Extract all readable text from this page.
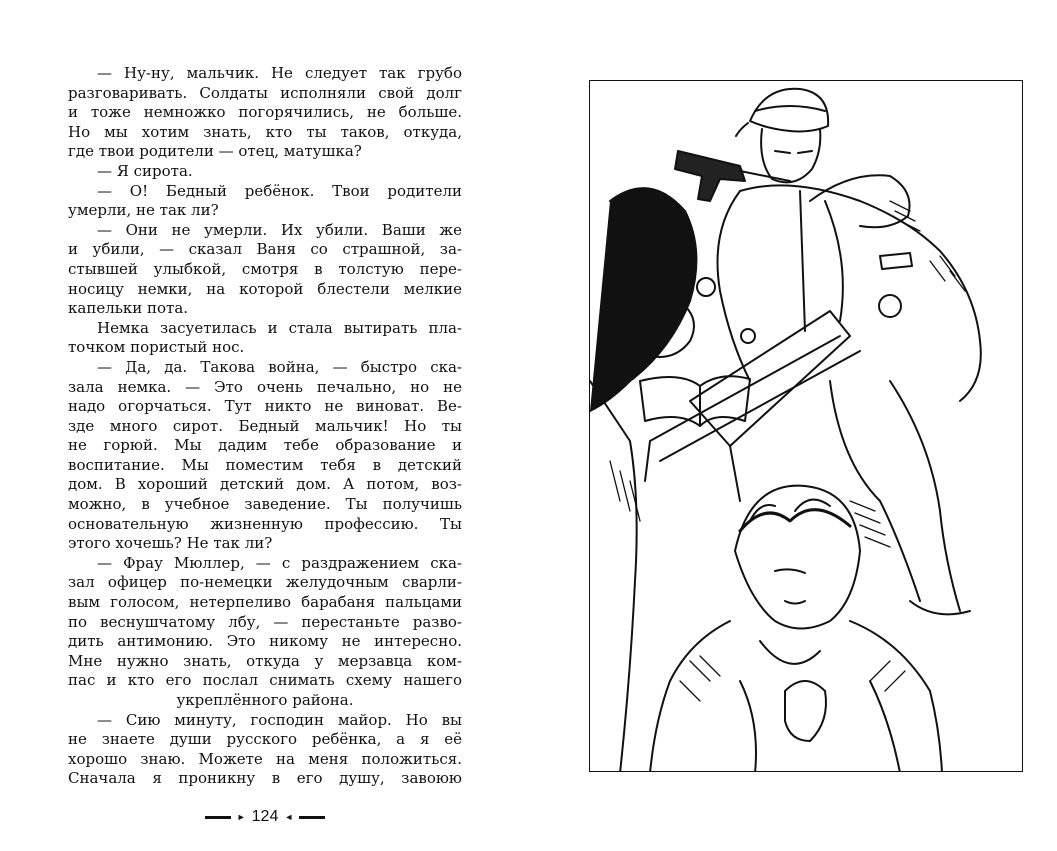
— Ну-ну, мальчик. Не следует так грубо
разговаривать. Солдаты исполняли свой долг
и тоже немножко погорячились, не больше.
Но мы хотим знать, кто ты таков, откуда,
где твои родители — отец, матушка?
— Я сирота.
— О! Бедный ребёнок. Твои родители
умерли, не так ли?
— Они не умерли. Их убили. Ваши же
и убили, — сказал Ваня со страшной, за-
стывшей улыбкой, смотря в толстую пере-
носицу немки, на которой блестели мелкие
капельки пота.
Немка засуетилась и стала вытирать пла-
точком пористый нос.
— Да, да. Такова война, — быстро ска-
зала немка. — Это очень печально, но не
надо огорчаться. Тут никто не виноват. Ве-
зде много сирот. Бедный мальчик! Но ты
не горюй. Мы дадим тебе образование и
воспитание. Мы поместим тебя в детский
дом. В хороший детский дом. А потом, воз-
можно, в учебное заведение. Ты получишь
основательную жизненную профессию. Ты
этого хочешь? Не так ли?
— Фрау Мюллер, — с раздражением ска-
зал офицер по-немецки желудочным сварли-
вым голосом, нетерпеливо барабаня пальцами
по веснушчатому лбу, — перестаньте разво-
дить антимонию. Это никому не интересно.
Мне нужно знать, откуда у мерзавца ком-
пас и кто его послал снимать схему нашего
укреплённого района.
— Сию минуту, господин майор. Но вы
не знаете души русского ребёнка, а я её
хорошо знаю. Можете на меня положиться.
Сначала я проникну в его душу, завоюю
► 124 ◄
